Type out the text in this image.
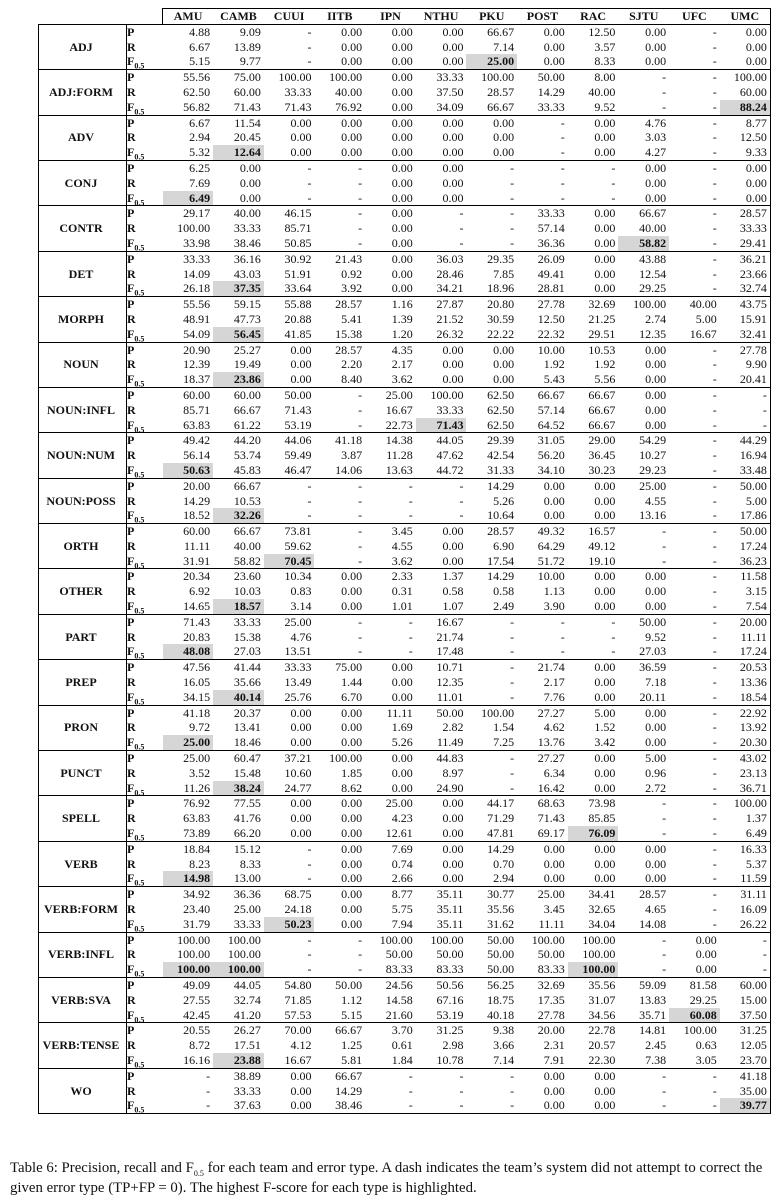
		AMU	CAMB	CUUI	IITB	IPN	NTHU	PKU	POST	RAC	SJTU	UFC	UMC
ADJ	P	4.88	9.09	-	0.00	0.00	0.00	66.67	0.00	12.50	0.00	-	0.00
	R	6.67	13.89	-	0.00	0.00	0.00	7.14	0.00	3.57	0.00	-	0.00
	$F_{0.5}$	5.15	9.77	-	0.00	0.00	0.00	25.00	0.00	8.33	0.00	-	0.00
ADJ:FORM	P	55.56	75.00	100.00	100.00	0.00	33.33	100.00	50.00	8.00	-	-	100.00
	R	62.50	60.00	33.33	40.00	0.00	37.50	28.57	14.29	40.00	-	-	60.00
	$F_{0.5}$	56.82	71.43	71.43	76.92	0.00	34.09	66.67	33.33	9.52	-	-	88.24
ADV	P	6.67	11.54	0.00	0.00	0.00	0.00	0.00	-	0.00	4.76	-	8.77
	R	2.94	20.45	0.00	0.00	0.00	0.00	0.00	-	0.00	3.03	-	12.50
	$F_{0.5}$	5.32	12.64	0.00	0.00	0.00	0.00	0.00	-	0.00	4.27	-	9.33
CONJ	P	6.25	0.00	-	-	0.00	0.00	-	-	-	0.00	-	0.00
	R	7.69	0.00	-	-	0.00	0.00	-	-	-	0.00	-	0.00
	$F_{0.5}$	6.49	0.00	-	-	0.00	0.00	-	-	-	0.00	-	0.00
CONTR	P	29.17	40.00	46.15	-	0.00	-	-	33.33	0.00	66.67	-	28.57
	R	100.00	33.33	85.71	-	0.00	-	-	57.14	0.00	40.00	-	33.33
	$F_{0.5}$	33.98	38.46	50.85	-	0.00	-	-	36.36	0.00	58.82	-	29.41
DET	P	33.33	36.16	30.92	21.43	0.00	36.03	29.35	26.09	0.00	43.88	-	36.21
	R	14.09	43.03	51.91	0.92	0.00	28.46	7.85	49.41	0.00	12.54	-	23.66
	$F_{0.5}$	26.18	37.35	33.64	3.92	0.00	34.21	18.96	28.81	0.00	29.25	-	32.74
MORPH	P	55.56	59.15	55.88	28.57	1.16	27.87	20.80	27.78	32.69	100.00	40.00	43.75
	R	48.91	47.73	20.88	5.41	1.39	21.52	30.59	12.50	21.25	2.74	5.00	15.91
	$F_{0.5}$	54.09	56.45	41.85	15.38	1.20	26.32	22.22	22.32	29.51	12.35	16.67	32.41
NOUN	P	20.90	25.27	0.00	28.57	4.35	0.00	0.00	10.00	10.53	0.00	-	27.78
	R	12.39	19.49	0.00	2.20	2.17	0.00	0.00	1.92	1.92	0.00	-	9.90
	$F_{0.5}$	18.37	23.86	0.00	8.40	3.62	0.00	0.00	5.43	5.56	0.00	-	20.41
NOUN:INFL	P	60.00	60.00	50.00	-	25.00	100.00	62.50	66.67	66.67	0.00	-	-
	R	85.71	66.67	71.43	-	16.67	33.33	62.50	57.14	66.67	0.00	-	-
	$F_{0.5}$	63.83	61.22	53.19	-	22.73	71.43	62.50	64.52	66.67	0.00	-	-
NOUN:NUM	P	49.42	44.20	44.06	41.18	14.38	44.05	29.39	31.05	29.00	54.29	-	44.29
	R	56.14	53.74	59.49	3.87	11.28	47.62	42.54	56.20	36.45	10.27	-	16.94
	$F_{0.5}$	50.63	45.83	46.47	14.06	13.63	44.72	31.33	34.10	30.23	29.23	-	33.48
NOUN:POSS	P	20.00	66.67	-	-	-	-	14.29	0.00	0.00	25.00	-	50.00
	R	14.29	10.53	-	-	-	-	5.26	0.00	0.00	4.55	-	5.00
	$F_{0.5}$	18.52	32.26	-	-	-	-	10.64	0.00	0.00	13.16	-	17.86
ORTH	P	60.00	66.67	73.81	-	3.45	0.00	28.57	49.32	16.57	-	-	50.00
	R	11.11	40.00	59.62	-	4.55	0.00	6.90	64.29	49.12	-	-	17.24
	$F_{0.5}$	31.91	58.82	70.45	-	3.62	0.00	17.54	51.72	19.10	-	-	36.23
OTHER	P	20.34	23.60	10.34	0.00	2.33	1.37	14.29	10.00	0.00	0.00	-	11.58
	R	6.92	10.03	0.83	0.00	0.31	0.58	0.58	1.13	0.00	0.00	-	3.15
	$F_{0.5}$	14.65	18.57	3.14	0.00	1.01	1.07	2.49	3.90	0.00	0.00	-	7.54
PART	P	71.43	33.33	25.00	-	-	16.67	-	-	-	50.00	-	20.00
	R	20.83	15.38	4.76	-	-	21.74	-	-	-	9.52	-	11.11
	$F_{0.5}$	48.08	27.03	13.51	-	-	17.48	-	-	-	27.03	-	17.24
PREP	P	47.56	41.44	33.33	75.00	0.00	10.71	-	21.74	0.00	36.59	-	20.53
	R	16.05	35.66	13.49	1.44	0.00	12.35	-	2.17	0.00	7.18	-	13.36
	$F_{0.5}$	34.15	40.14	25.76	6.70	0.00	11.01	-	7.76	0.00	20.11	-	18.54
PRON	P	41.18	20.37	0.00	0.00	11.11	50.00	100.00	27.27	5.00	0.00	-	22.92
	R	9.72	13.41	0.00	0.00	1.69	2.82	1.54	4.62	1.52	0.00	-	13.92
	$F_{0.5}$	25.00	18.46	0.00	0.00	5.26	11.49	7.25	13.76	3.42	0.00	-	20.30
PUNCT	P	25.00	60.47	37.21	100.00	0.00	44.83	-	27.27	0.00	5.00	-	43.02
	R	3.52	15.48	10.60	1.85	0.00	8.97	-	6.34	0.00	0.96	-	23.13
	$F_{0.5}$	11.26	38.24	24.77	8.62	0.00	24.90	-	16.42	0.00	2.72	-	36.71
SPELL	P	76.92	77.55	0.00	0.00	25.00	0.00	44.17	68.63	73.98	-	-	100.00
	R	63.83	41.76	0.00	0.00	4.23	0.00	71.29	71.43	85.85	-	-	1.37
	$F_{0.5}$	73.89	66.20	0.00	0.00	12.61	0.00	47.81	69.17	76.09	-	-	6.49
VERB	P	18.84	15.12	-	0.00	7.69	0.00	14.29	0.00	0.00	0.00	-	16.33
	R	8.23	8.33	-	0.00	0.74	0.00	0.70	0.00	0.00	0.00	-	5.37
	$F_{0.5}$	14.98	13.00	-	0.00	2.66	0.00	2.94	0.00	0.00	0.00	-	11.59
VERB:FORM	P	34.92	36.36	68.75	0.00	8.77	35.11	30.77	25.00	34.41	28.57	-	31.11
	R	23.40	25.00	24.18	0.00	5.75	35.11	35.56	3.45	32.65	4.65	-	16.09
	$F_{0.5}$	31.79	33.33	50.23	0.00	7.94	35.11	31.62	11.11	34.04	14.08	-	26.22
VERB:INFL	P	100.00	100.00	-	-	100.00	100.00	50.00	100.00	100.00	-	0.00	-
	R	100.00	100.00	-	-	50.00	50.00	50.00	50.00	100.00	-	0.00	-
	$F_{0.5}$	100.00	100.00	-	-	83.33	83.33	50.00	83.33	100.00	-	0.00	-
VERB:SVA	P	49.09	44.05	54.80	50.00	24.56	50.56	56.25	32.69	35.56	59.09	81.58	60.00
	R	27.55	32.74	71.85	1.12	14.58	67.16	18.75	17.35	31.07	13.83	29.25	15.00
	$F_{0.5}$	42.45	41.20	57.53	5.15	21.60	53.19	40.18	27.78	34.56	35.71	60.08	37.50
VERB:TENSE	P	20.55	26.27	70.00	66.67	3.70	31.25	9.38	20.00	22.78	14.81	100.00	31.25
	R	8.72	17.51	4.12	1.25	0.61	2.98	3.66	2.31	20.57	2.45	0.63	12.05
	$F_{0.5}$	16.16	23.88	16.67	5.81	1.84	10.78	7.14	7.91	22.30	7.38	3.05	23.70
WO	P	-	38.89	0.00	66.67	-	-	-	0.00	0.00	-	-	41.18
	R	-	33.33	0.00	14.29	-	-	-	0.00	0.00	-	-	35.00
	$F_{0.5}$	-	37.63	0.00	38.46	-	-	-	0.00	0.00	-	-	39.77

Table 6: Precision, recall and $F_{0.5}$ for each team and error type. A dash indicates the team’s system did not attempt to correct the given error type (TP+FP = 0). The highest F-score for each type is highlighted.
